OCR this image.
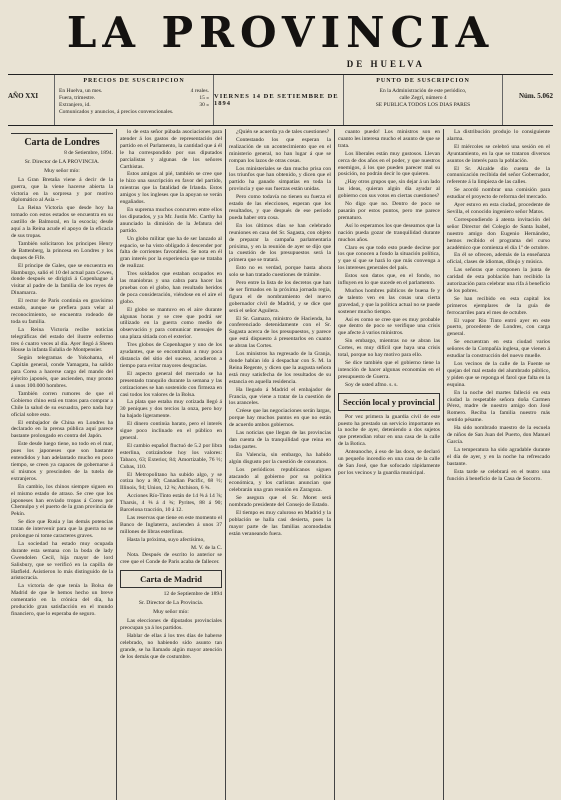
LA PROVINCIA
DE HUELVA
AÑO XXI
PRECIOS DE SUSCRIPCION
En Huelva, un mes.	4 reales.
Fuera, trimestre.	15 »
Extranjero, id.	30 »
Comunicados y anuncios, á precios convencionales.
VIERNES 14 DE SETIEMBRE DE 1894
PUNTO DE SUSCRIPCION
En la Administración de este periódico,
calle Zegrí, número 4
SE PUBLICA TODOS LOS DIAS PARES
Núm. 5.062
Carta de Londres
8 de Setiembre, 1894.
Sr. Director de LA PROVINCIA.
Muy señor mío:

La Gran Bretaña viene á decir de la guerra, que la viene hacerse abierta la victoria en la sorpresa y por motivo diplomático al Asia ~

La Reina Victoria que desde hoy ha tomado con estos estados se encuentra en su castillo de Balmoral, en la escocia; desde aquí a la Reina acude el apoyo de la eficacia de sus tropas.

También solicitaron los príncipes Henry de Battenberg, la princesa en Londres y los duques de Fife.

El príncipe de Gales, que se encuentra en Hamburgo, salió el 10 del actual para Cowes, donde después se dirigirá á Copenhague á visitar al padre de la familia de los reyes de Dinamarca.

El rector de París continúa en gravísimo estado, aunque se prefiera para velar al reconocimiento, se encuentra rodeado de toda su familia.

La Reina Victoria recibe noticias telegráficas del estado del ilustre enfermo tres ó cuatro veces al día. Ayer llegó á Sheen House la infanta Eulalia de Montpensier.

Según telegramas de Yokohama, el Capitán general, conde Yamagata, ha salido para Corea a hacerse cargo del mando del ejército japonés, que ascienden, muy pronto á unos 100.000 hombres.

También corren rumores de que el Gobierno chino está en tratos para comprar a Chile la salud de su escuadra, pero nada hay oficial sobre esto.

El embajador de China en Londres ha declarado en la prensa pública aquí parece bastante prolongado en contra del Japón.

Este desde luego tiene, no todo en el mar, pues los japoneses que son bastante entendidos y han adelantado mucho en poco tiempo, se creen ya capaces de gobernarse á sí mismos y prescinden de la tutela de extranjeros.

En cambio, los chinos siempre siguen en el mismo estado de atraso. Se cree que los japoneses han enviado tropas á Corea por Chemulpo y el puerto de la gran provincia de Pekín.

Se dice que Rusia y las demás potencias tratan de intervenir para que la guerra no se prolongue ni tome caracteres graves.

La sociedad ha estado muy ocupada durante esta semana con la boda de lady Gwendolen Cecil, hija mayor de lord Salisbury, que se verificó en la capilla de Hatfield. Asistieron lo más distinguido de la aristocracia.

La victoria de que tenía la Bolsa de Madrid de que le hemos hecho un breve comentario en la crónica del día, ha producido gran satisfacción en el mundo financiero, que lo esperaba de seguro.

lo de esta señor púbada asociaciones para atender á los gastos de representación del partido en el Parlamento, la cantidad que á él le ha correspondido por sus diputados parcialistas y algunas de los señores Carthistas.

Estos amigos al pié, también se cree que le hizo una suscripción en favor del partido, mientras que la fatalidad de Irlanda. Estos amigos y los ingleses que la apoyan se verán engañados.

En suprema muchos concurren entre ellos los diputados, y ya Mr. Justin Mc. Carthy ha anunciado la dimisión de la Jefatura del partido.

Un globo militar que ha de ser lanzado al espacio, se ha visto obligado á descender por falta de corrientes favorables. Se nota en él gran interés por la experiencia que se trataba de realizar.

Tres soldados que estaban ocupados en las maniobras y una cabra para hacer las pruebas con el globo, han resultado heridos de poca consideración, viéndose en el aire el globo.

El globo se mantuvo en el aire durante algunas horas y se cree que podrá ser utilizado en la guerra como medio de observación y para comunicar mensajes de una plaza sitiada con el exterior.

Tres globos de Copenhague y uno de los ayudantes, que se encontraban a muy poca distancia del sitio del suceso, acudieron a tiempo para evitar mayores desgracias.

El aspecto general del mercado se ha presentado tranquilo durante la semana y las cotizaciones se han sostenido con firmeza en casi todos los valores de la Bolsa.

La plata que estaba muy cotizada llegó á 30 peniques y dos tercios la onza, pero hoy ha bajado ligeramente.

El dinero continúa barato, pero el interés sigue poco inclinado en el público en general.

El cambio español fluctuó de 5.2 por libra esterlina, cotizándose hoy los valores: Tabaco, 63; Exterior, 84; Amortizable, 76 ½; Cubas, 110.

El Metropolitano ha subido algo, y se cotiza hoy a 80; Canadian Pacific, 68 ½; Illinois, 94; Union, 12 ¾; Atchison, 6 ¾.

Acciones Río-Tinto están de 14 ⅝ á 14 ⅞; Tharsis, 4 ⅝ á 4 ¾; Pyrites, 88 á 90; Barcelona tracción, 10 á 12.

Las reservas que tiene en este momento el Banco de Inglaterra, ascienden á unos 37 millones de libras esterlinas.

Hasta la próxima, suyo afectísimo,

M. V. de la C.

Nota. Después de escrito lo anterior se cree que el Conde de Paris acaba de fallecer.

Carta de Madrid
12 de Septiembre de 1894
Sr. Director de La Provincia.
Muy señor mío:

Las elecciones de diputados provinciales preocupan ya á los partidos.

Hablar de ellas á los tres días de haberse celebrado, no habiendo sido asunto tan grande, se ha llamado algún mayor atención de los demás que de costumbre.

¿Quién se acuerda ya de tales cuestiones?

Contestando los que esperan la realización de un acontecimiento que en el ministerio general, no han lugar á que se rompan los lazos de otras cosas.

Los ministeriales se dan mucho prisa con los triunfos que han obtenido, y dicen que el partido ha ganado simpatías en toda la provincia y que sus fuerzas están unidas.

Pero como todavía no tienen su fuerza el estado de las elecciones, esperan que los resultados, y que después de ese período pueda haber otra cosa.

En los últimos días se han celebrado reuniones en casa del Sr. Sagasta, con objeto de preparar la campaña parlamentaria próxima, y en la reunión de ayer se dijo que la cuestión de los presupuestos será la primera que se tratará.

Esto no es verdad, porque hasta ahora solo se han tratado cuestiones de trámite.

Pero entre la lista de los decretos que han de ser firmados en la próxima jornada regia, figura el de nombramiento del nuevo gobernador civil de Madrid, y se dice que será el señor Aguilera.

El Sr. Gamazo, ministro de Hacienda, ha conferenciado detenidamente con el Sr. Sagasta acerca de los presupuestos, y parece que está dispuesto á presentarlos en cuanto se abran las Cortes.

Los ministros ha regresado de la Granja, donde habían ido á despachar con S. M. la Reina Regente, y dicen que la augusta señora está muy satisfecha de los resultados de su estancia en aquella residencia.

Ha llegado á Madrid el embajador de Francia, que viene a tratar de la cuestión de los aranceles.

Créese que las negociaciones serán largas, porque hay muchos puntos en que no están de acuerdo ambos gobiernos.

Las noticias que llegan de las provincias dan cuenta de la tranquilidad que reina en todas partes.

En Valencia, sin embargo, ha habido algún disgusto por la cuestión de consumos.

Los periódicos republicanos siguen atacando al gobierno por su política económica, y los carlistas anuncian que celebrarán una gran reunión en Zaragoza.

Se asegura que el Sr. Moret será nombrado presidente del Consejo de Estado.

El tiempo es muy caluroso en Madrid y la población se halla casi desierta, pues la mayor parte de las familias acomodadas están veraneando fuera.

cuanto puedo! Los ministros son en cuanto les interesa mucho el asunto de que se trata.

Los liberales están muy gustosos. Llevan cerca de dos años en el poder, y que nuestros enemigos, á los que pueden parecer mal su posición, no podrán decir lo que quieren.

¿Hay otros grupos que, sin dejar á un lado las ideas, quieran algún día ayudar al gobierno con sus votos en ciertas cuestiones?

No digo que no. Dentro de poco se pasarán por estos puntos, pero me parece prematuro.

Así lo esperamos los que deseamos que la nación pueda gozar de tranquilidad durante muchos años.

Claro es que todo esto puede decirse por los que conocen a fondo la situación política, y que sí que se hará lo que más convenga a los intereses generales del país.

Estos son datos que, en el fondo, no influyen en lo que sucede en el parlamento.

Muchos hombres públicos de buena fe y de talento ven en las cosas una cierta gravedad, y que la política actual no se puede sostener mucho tiempo.

Así es como se cree que es muy probable que dentro de poco se verifique una crisis que afecte á varios ministros.

Sin embargo, mientras no se abran las Cortes, es muy difícil que haya una crisis total, porque no hay motivo para ello.

Se dice también que el gobierno tiene la intención de hacer algunas economías en el presupuesto de Guerra.

Soy de usted afmo. s. s.

Sección local y provincial

Por vez primera la guardia civil de este puesto ha prestado un servicio importante en la noche de ayer, deteniendo a dos sujetos que pretendían robar en una casa de la calle de la Botica.

Anteanoche, á eso de las doce, se declaró un pequeño incendio en una casa de la calle de San José, que fue sofocado rápidamente por los vecinos y la guardia municipal.

La distribución produjo lo consiguiente alarma.

El miércoles se celebró una sesión en el Ayuntamiento, en la que se trataron diversos asuntos de interés para la población.

El Sr. Alcalde dio cuenta de la comunicación recibida del señor Gobernador, referente á la limpieza de las calles.

Se acordó nombrar una comisión para estudiar el proyecto de reforma del mercado.

Ayer estuvo en esta ciudad, procedente de Sevilla, el conocido ingeniero señor Matos.

Correspondiendo á atenta invitación del señor Director del Colegio de Santa Isabel, nuestro amigo don Eugenio Hernández, hemos recibido el programa del curso académico que comienza el día 1º de octubre.

En él se ofrecen, además de la enseñanza oficial, clases de idiomas, dibujo y música.

Las señoras que componen la junta de caridad de esta población han recibido la autorización para celebrar una rifa á beneficio de los pobres.

Se han recibido en esta capital los primeros ejemplares de la guía de ferrocarriles para el mes de octubre.

El vapor Rio Tinto entró ayer en este puerto, procedente de Londres, con carga general.

Se encuentran en esta ciudad varios señores de la Compañía inglesa, que vienen á estudiar la construcción del nuevo muelle.

Los vecinos de la calle de la Fuente se quejan del mal estado del alumbrado público, y piden que se reponga el farol que falta en la esquina.

En la noche del martes falleció en esta ciudad la respetable señora doña Carmen Pérez, madre de nuestro amigo don José Romero. Reciba la familia nuestro más sentido pésame.

Ha sido nombrado maestro de la escuela de niños de San Juan del Puerto, don Manuel García.

La temperatura ha sido agradable durante el día de ayer, y en la noche ha refrescado bastante.

Esta tarde se celebrará en el teatro una función á beneficio de la Casa de Socorro.
